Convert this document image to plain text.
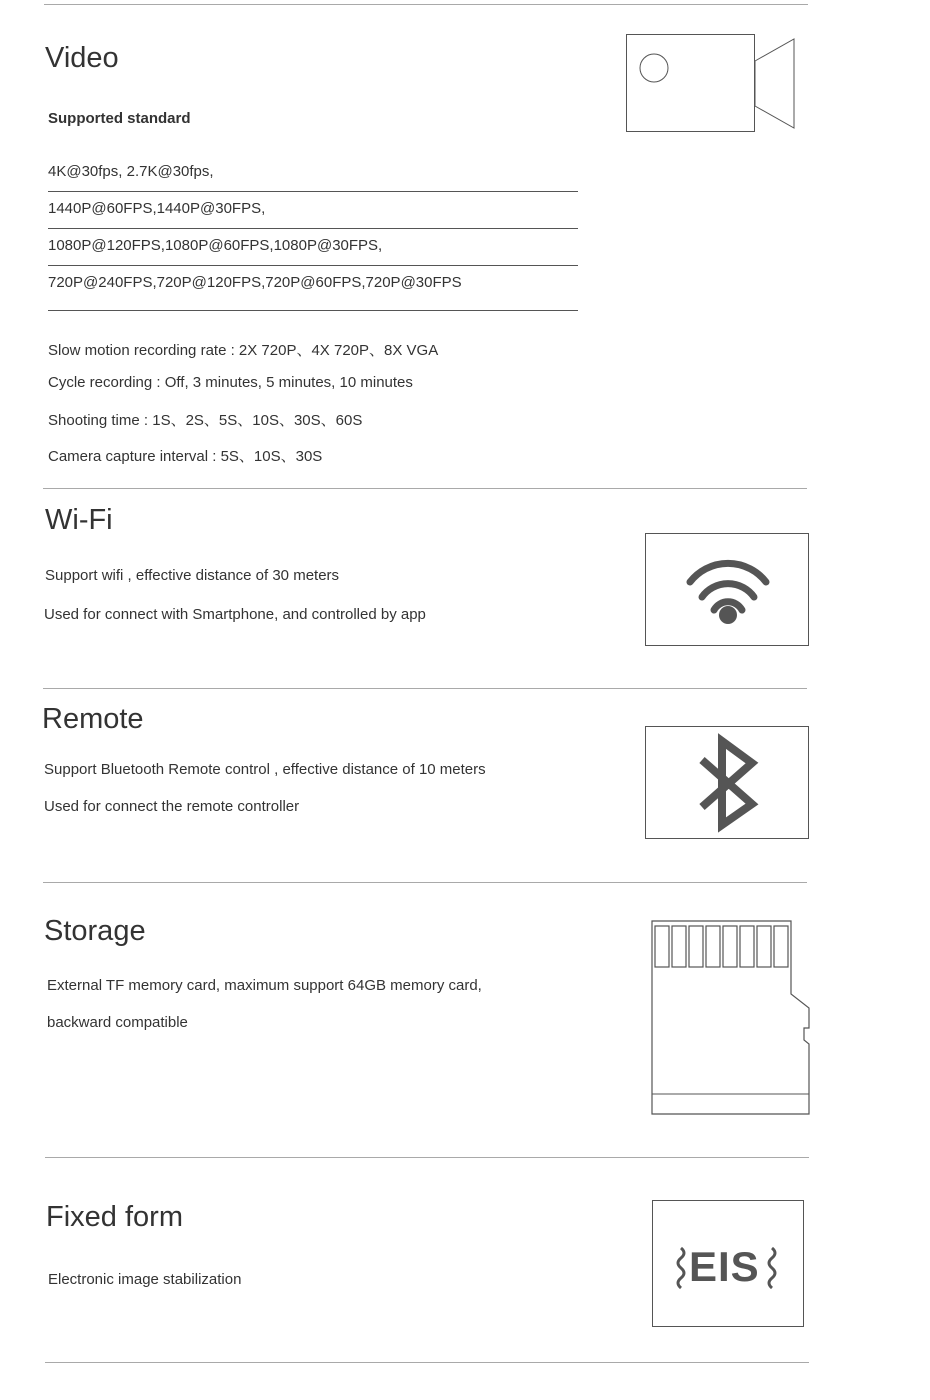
Video
Supported standard
4K@30fps, 2.7K@30fps,
1440P@60FPS,1440P@30FPS,
1080P@120FPS,1080P@60FPS,1080P@30FPS,
720P@240FPS,720P@120FPS,720P@60FPS,720P@30FPS
Slow motion recording rate : 2X 720P、4X 720P、8X VGA
Cycle recording : Off, 3 minutes, 5 minutes, 10 minutes
Shooting time : 1S、2S、5S、10S、30S、60S
Camera capture interval : 5S、10S、30S
Wi-Fi
Support wifi , effective distance of 30 meters
Used for connect with Smartphone, and controlled by app
Remote
Support Bluetooth Remote control , effective distance of 10 meters
Used for connect the remote controller
Storage
External TF memory card, maximum support 64GB memory card,
backward compatible
Fixed form
Electronic image stabilization	EIS
